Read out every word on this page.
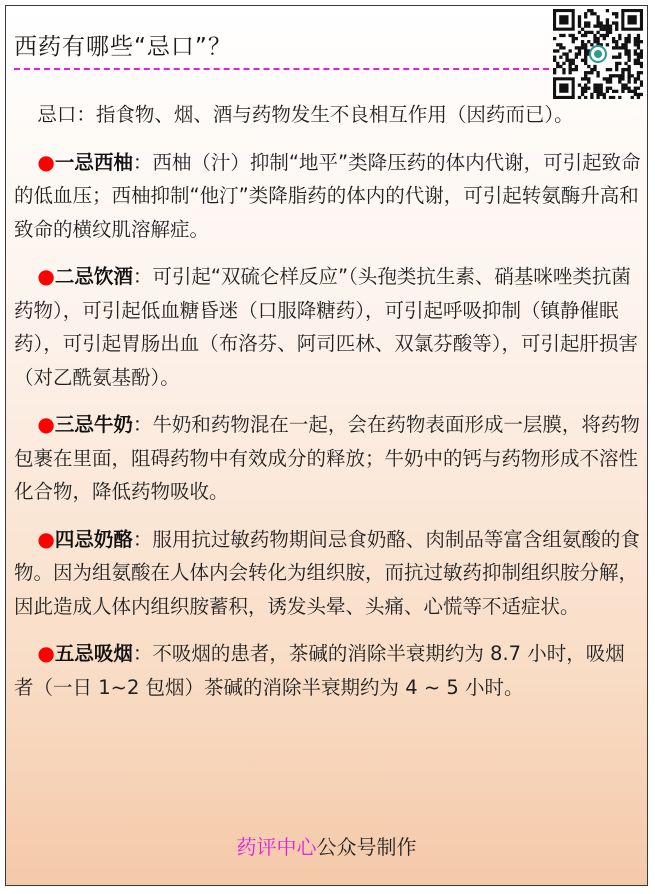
西药有哪些“忌口”？

忌口：指食物、烟、酒与药物发生不良相互作用（因药而已）。

●一忌西柚：西柚（汁）抑制“地平”类降压药的体内代谢，可引起致命的低血压；西柚抑制“他汀”类降脂药的体内的代谢，可引起转氨酶升高和致命的横纹肌溶解症。

●二忌饮酒：可引起“双硫仑样反应”（头孢类抗生素、硝基咪唑类抗菌药物），可引起低血糖昏迷（口服降糖药），可引起呼吸抑制（镇静催眠药），可引起胃肠出血（布洛芬、阿司匹林、双氯芬酸等），可引起肝损害（对乙酰氨基酚）。

●三忌牛奶：牛奶和药物混在一起，会在药物表面形成一层膜，将药物包裹在里面，阻碍药物中有效成分的释放；牛奶中的钙与药物形成不溶性化合物，降低药物吸收。

●四忌奶酪：服用抗过敏药物期间忌食奶酪、肉制品等富含组氨酸的食物。因为组氨酸在人体内会转化为组织胺，而抗过敏药抑制组织胺分解，因此造成人体内组织胺蓄积，诱发头晕、头痛、心慌等不适症状。

●五忌吸烟：不吸烟的患者，茶碱的消除半衰期约为 8.7 小时，吸烟者（一日 1~2 包烟）茶碱的消除半衰期约为 4 ~ 5 小时。

药评中心公众号制作
